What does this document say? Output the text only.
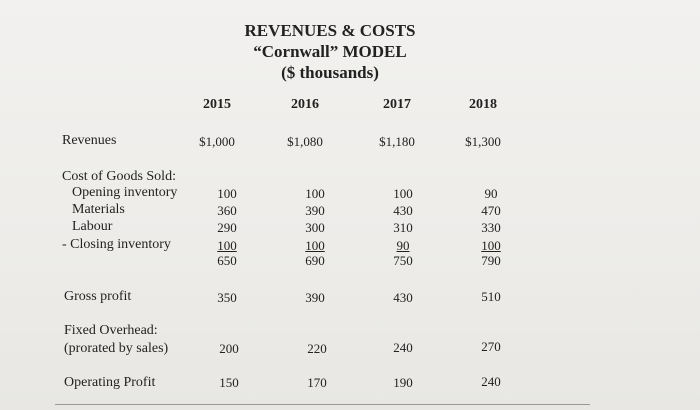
REVENUES & COSTS
“Cornwall” MODEL
($ thousands)
2015	2016	2017	2018
Revenues	$1,000	$1,080	$1,180	$1,300
Cost of Goods Sold:
Opening inventory	100	100	100	90
Materials	360	390	430	470
Labour	290	300	310	330
- Closing inventory	100	100	90	100
650	690	750	790
Gross profit	350	390	430	510
Fixed Overhead:
(prorated by sales)	200	220	240	270
Operating Profit	150	170	190	240
